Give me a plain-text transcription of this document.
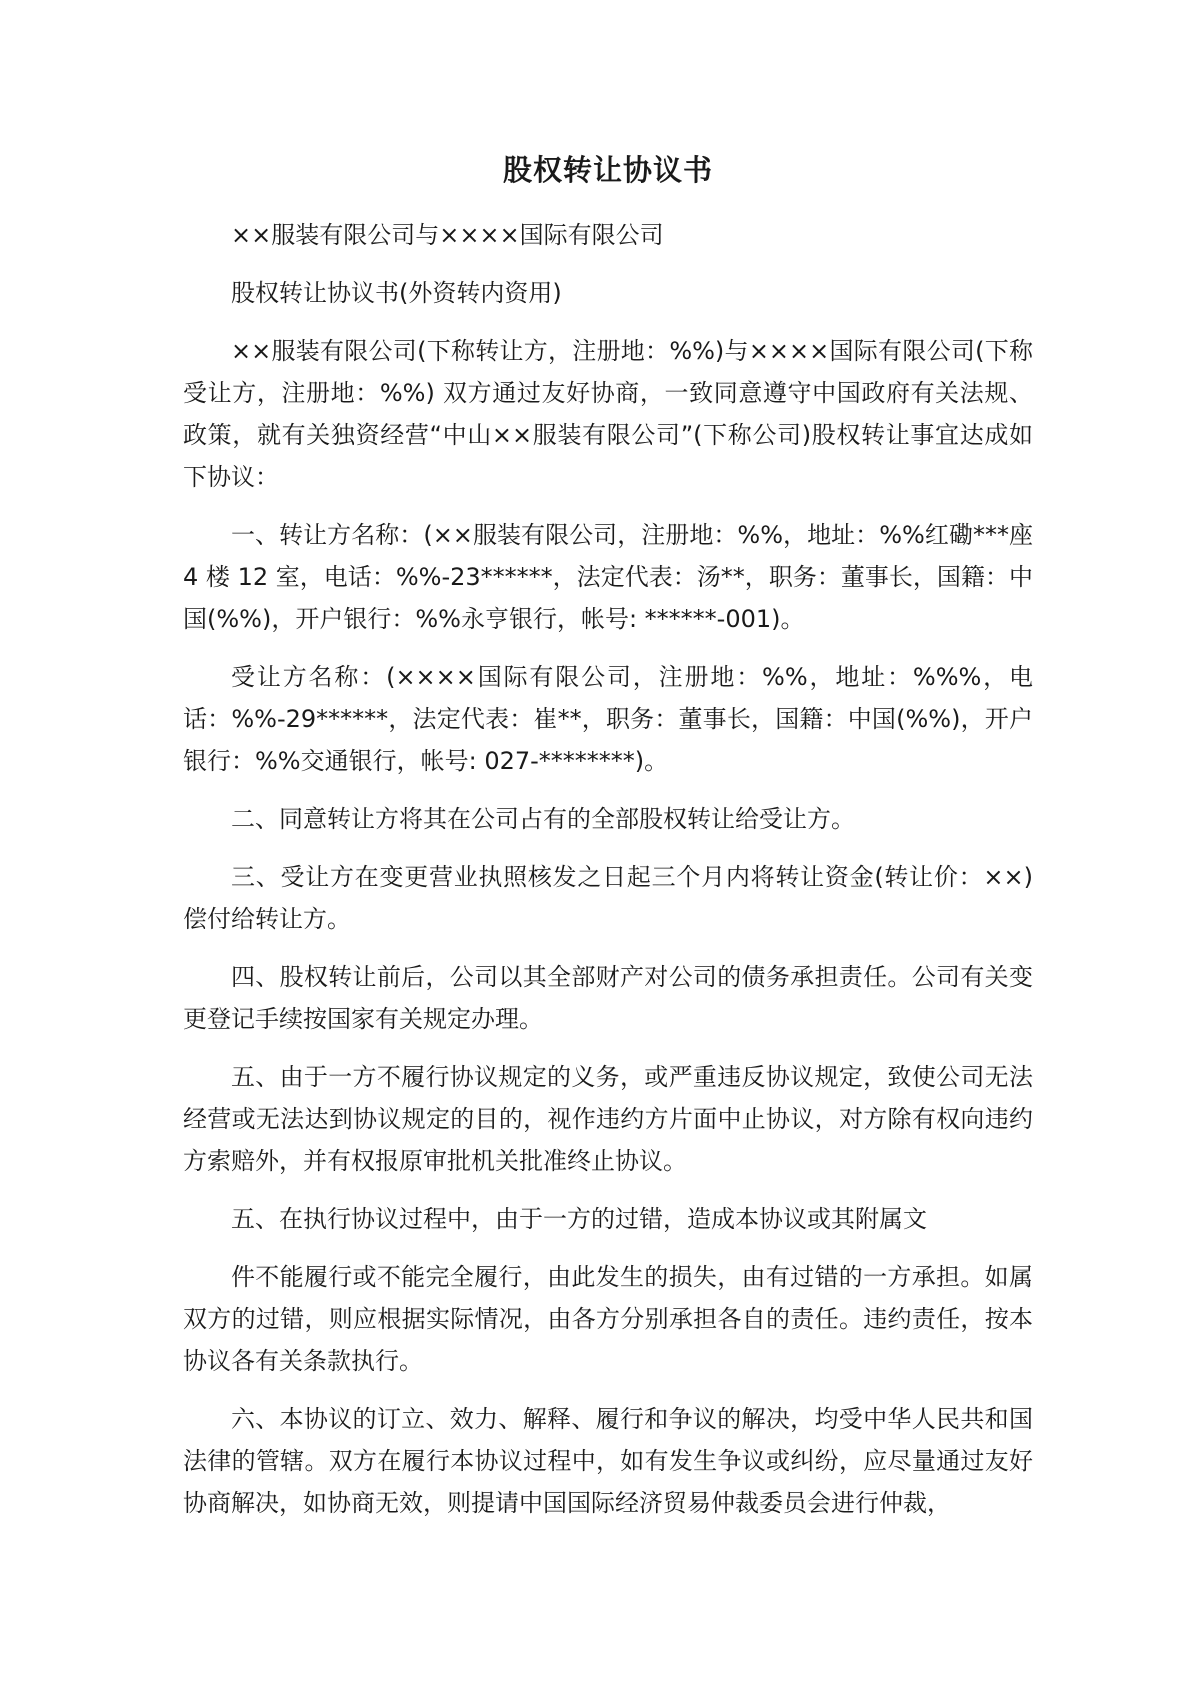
股权转让协议书

××服装有限公司与××××国际有限公司

股权转让协议书(外资转内资用)

××服装有限公司(下称转让方，注册地：%%)与××××国际有限公司(下称受让方，注册地：%%) 双方通过友好协商，一致同意遵守中国政府有关法规、政策，就有关独资经营“中山××服装有限公司”(下称公司)股权转让事宜达成如下协议：

一、转让方名称：(××服装有限公司，注册地：%%，地址：%%红磡***座 4 楼 12 室，电话：%%-23******，法定代表：汤**，职务：董事长，国籍：中国(%%)，开户银行：%%永亨银行，帐号: ******-001)。

受让方名称：(××××国际有限公司，注册地：%%，地址：%%%，电话：%%-29******，法定代表：崔**，职务：董事长，国籍：中国(%%)，开户银行：%%交通银行，帐号: 027-********)。

二、同意转让方将其在公司占有的全部股权转让给受让方。

三、受让方在变更营业执照核发之日起三个月内将转让资金(转让价：××)偿付给转让方。

四、股权转让前后，公司以其全部财产对公司的债务承担责任。公司有关变更登记手续按国家有关规定办理。

五、由于一方不履行协议规定的义务，或严重违反协议规定，致使公司无法经营或无法达到协议规定的目的，视作违约方片面中止协议，对方除有权向违约方索赔外，并有权报原审批机关批准终止协议。

五、在执行协议过程中，由于一方的过错，造成本协议或其附属文

件不能履行或不能完全履行，由此发生的损失，由有过错的一方承担。如属双方的过错，则应根据实际情况，由各方分别承担各自的责任。违约责任，按本协议各有关条款执行。

六、本协议的订立、效力、解释、履行和争议的解决，均受中华人民共和国法律的管辖。双方在履行本协议过程中，如有发生争议或纠纷，应尽量通过友好协商解决，如协商无效，则提请中国国际经济贸易仲裁委员会进行仲裁，
